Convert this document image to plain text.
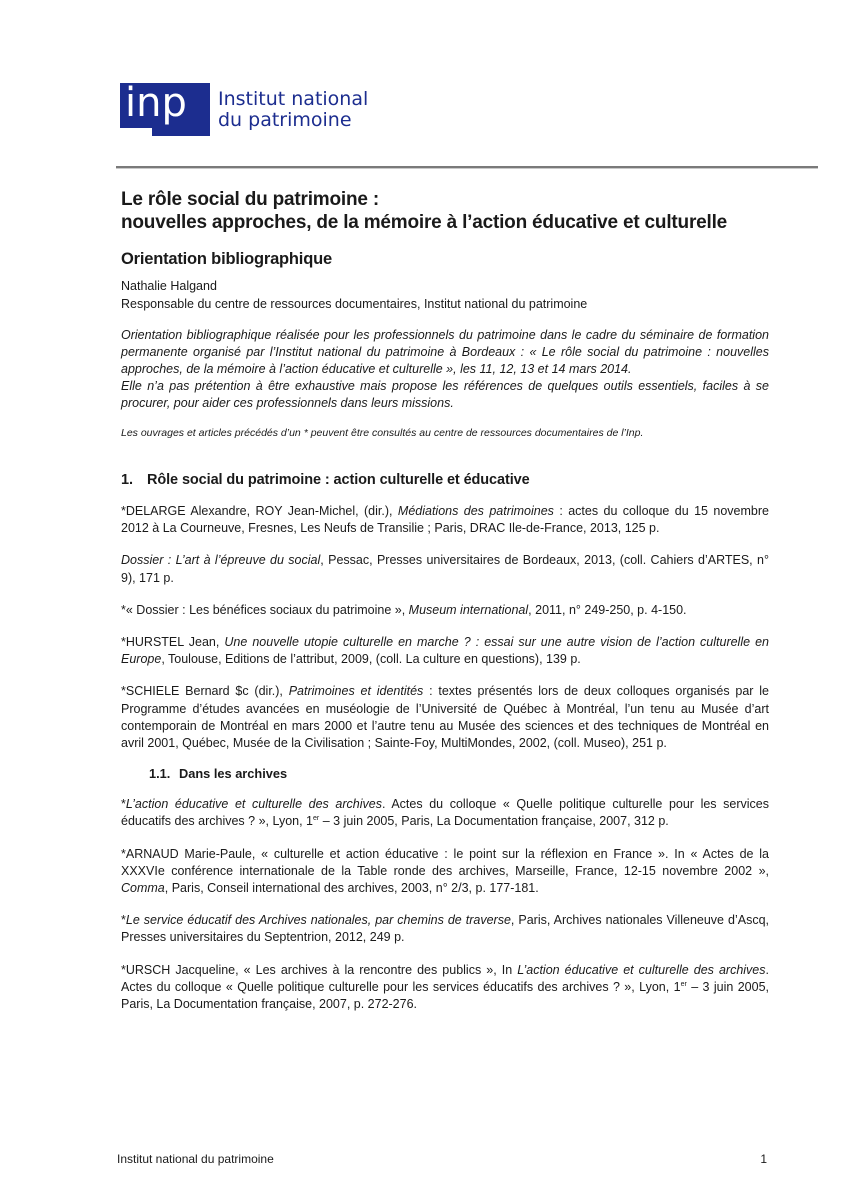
inp Institut national
du patrimoine
Le rôle social du patrimoine :
nouvelles approches, de la mémoire à l’action éducative et culturelle
Orientation bibliographique
Nathalie Halgand
Responsable du centre de ressources documentaires, Institut national du patrimoine

Orientation bibliographique réalisée pour les professionnels du patrimoine dans le cadre du séminaire de formation permanente organisé par l’Institut national du patrimoine à Bordeaux : « Le rôle social du patrimoine : nouvelles approches, de la mémoire à l’action éducative et culturelle », les 11, 12, 13 et 14 mars 2014.

Elle n’a pas prétention à être exhaustive mais propose les références de quelques outils essentiels, faciles à se procurer, pour aider ces professionnels dans leurs missions.

Les ouvrages et articles précédés d’un * peuvent être consultés au centre de ressources documentaires de l’Inp.
1. Rôle social du patrimoine : action culturelle et éducative
*DELARGE Alexandre, ROY Jean-Michel, (dir.), Médiations des patrimoines : actes du colloque du 15 novembre 2012 à La Courneuve, Fresnes, Les Neufs de Transilie ; Paris, DRAC Ile-de-France, 2013, 125 p.
Dossier : L’art à l’épreuve du social, Pessac, Presses universitaires de Bordeaux, 2013, (coll. Cahiers d’ARTES, n° 9), 171 p.
*« Dossier : Les bénéfices sociaux du patrimoine », Museum international, 2011, n° 249-250, p. 4-150.
*HURSTEL Jean, Une nouvelle utopie culturelle en marche ? : essai sur une autre vision de l’action culturelle en Europe, Toulouse, Editions de l’attribut, 2009, (coll. La culture en questions), 139 p.
*SCHIELE Bernard $c (dir.), Patrimoines et identités : textes présentés lors de deux colloques organisés par le Programme d’études avancées en muséologie de l’Université de Québec à Montréal, l’un tenu au Musée d’art contemporain de Montréal en mars 2000 et l’autre tenu au Musée des sciences et des techniques de Montréal en avril 2001, Québec, Musée de la Civilisation ; Sainte-Foy, MultiMondes, 2002, (coll. Museo), 251 p.
1.1. Dans les archives
*L’action éducative et culturelle des archives. Actes du colloque « Quelle politique culturelle pour les services éducatifs des archives ? », Lyon, 1er – 3 juin 2005, Paris, La Documentation française, 2007, 312 p.
*ARNAUD Marie-Paule, « culturelle et action éducative : le point sur la réflexion en France ». In « Actes de la XXXVIe conférence internationale de la Table ronde des archives, Marseille, France, 12-15 novembre 2002 », Comma, Paris, Conseil international des archives, 2003, n° 2/3, p. 177-181.
*Le service éducatif des Archives nationales, par chemins de traverse, Paris, Archives nationales Villeneuve d’Ascq, Presses universitaires du Septentrion, 2012, 249 p.
*URSCH Jacqueline, « Les archives à la rencontre des publics », In L’action éducative et culturelle des archives. Actes du colloque « Quelle politique culturelle pour les services éducatifs des archives ? », Lyon, 1er – 3 juin 2005, Paris, La Documentation française, 2007, p. 272-276.
Institut national du patrimoine	1
